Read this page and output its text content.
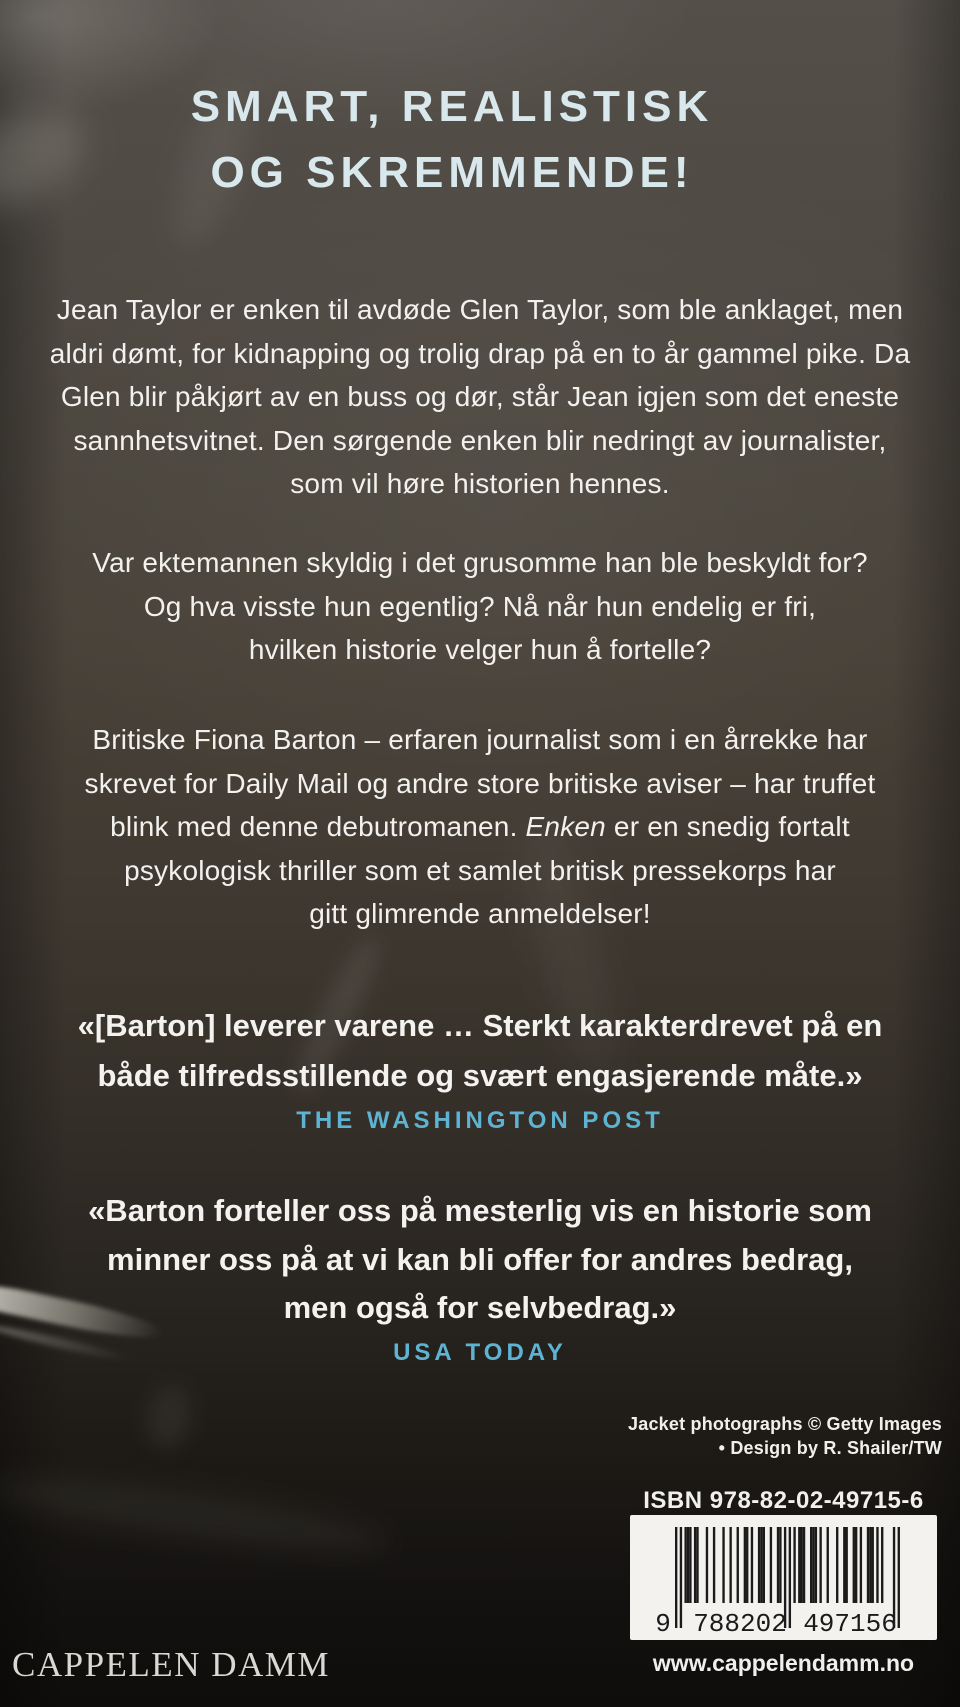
SMART, REALISTISK
OG SKREMMENDE!
Jean Taylor er enken til avdøde Glen Taylor, som ble anklaget, men
aldri dømt, for kidnapping og trolig drap på en to år gammel pike. Da
Glen blir påkjørt av en buss og dør, står Jean igjen som det eneste
sannhetsvitnet. Den sørgende enken blir nedringt av journalister,
som vil høre historien hennes.
Var ektemannen skyldig i det grusomme han ble beskyldt for?
Og hva visste hun egentlig? Nå når hun endelig er fri,
hvilken historie velger hun å fortelle?
Britiske Fiona Barton – erfaren journalist som i en årrekke har
skrevet for Daily Mail og andre store britiske aviser – har truffet
blink med denne debutromanen. Enken er en snedig fortalt
psykologisk thriller som et samlet britisk pressekorps har
gitt glimrende anmeldelser!
«[Barton] leverer varene … Sterkt karakterdrevet på en
både tilfredsstillende og svært engasjerende måte.»
THE WASHINGTON POST
«Barton forteller oss på mesterlig vis en historie som
minner oss på at vi kan bli offer for andres bedrag,
men også for selvbedrag.»
USA TODAY
Jacket photographs © Getty Images
• Design by R. Shailer/TW
ISBN 978-82-02-49715-6
9 788202 497156
www.cappelendamm.no
CAPPELEN DAMM
